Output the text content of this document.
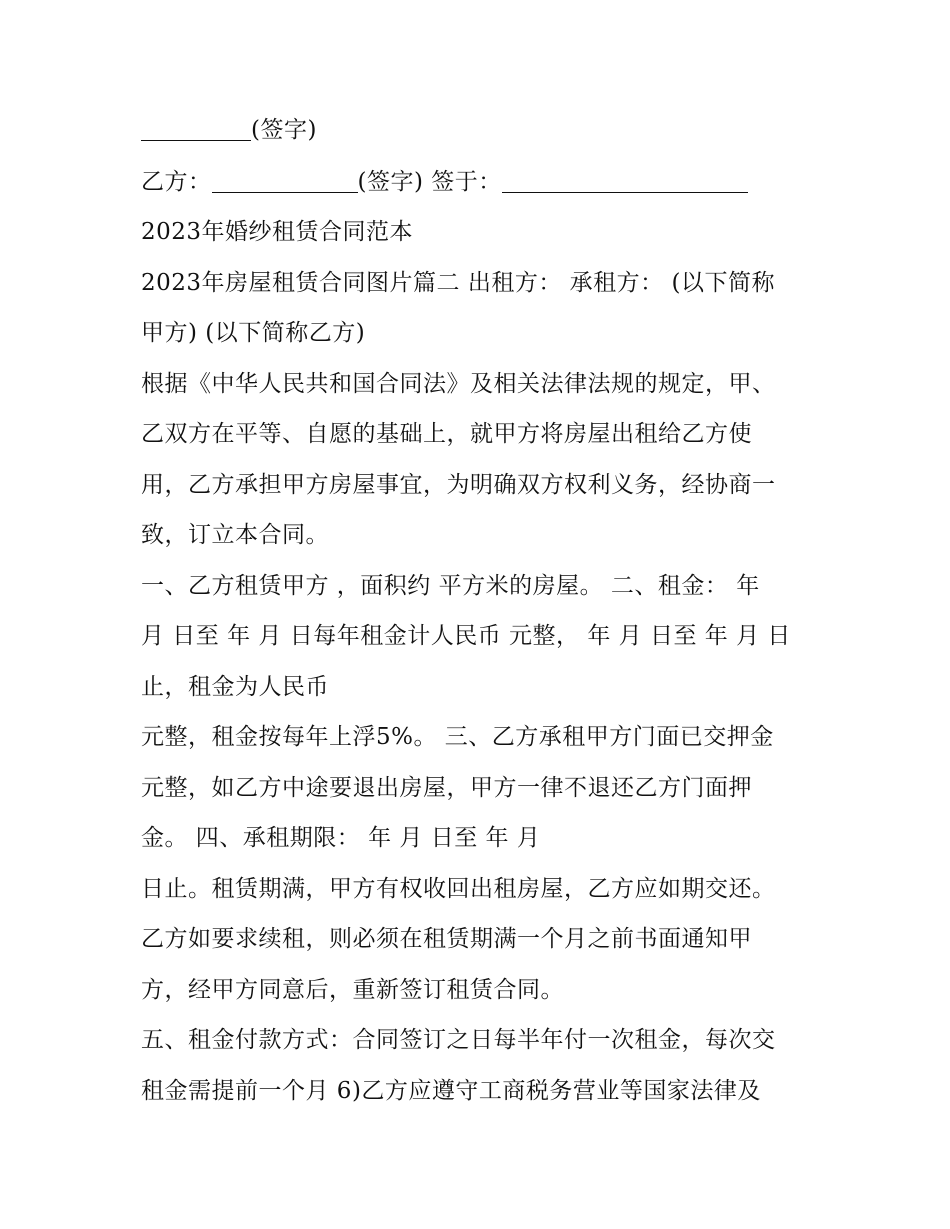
(签字)
乙方：	(签字) 签于：
2023年婚纱租赁合同范本
2023年房屋租赁合同图片篇二 出租方： 承租方： (以下简称
甲方) (以下简称乙方)
根据《中华人民共和国合同法》及相关法律法规的规定，甲、
乙双方在平等、自愿的基础上，就甲方将房屋出租给乙方使
用，乙方承担甲方房屋事宜，为明确双方权利义务，经协商一
致，订立本合同。
一、乙方租赁甲方 ，面积约 平方米的房屋。 二、租金： 年
月 日至 年 月 日每年租金计人民币 元整， 年 月 日至 年 月 日
止，租金为人民币
元整，租金按每年上浮5%。 三、乙方承租甲方门面已交押金
元整，如乙方中途要退出房屋，甲方一律不退还乙方门面押
金。 四、承租期限： 年 月 日至 年 月
日止。租赁期满，甲方有权收回出租房屋，乙方应如期交还。
乙方如要求续租，则必须在租赁期满一个月之前书面通知甲
方，经甲方同意后，重新签订租赁合同。
五、租金付款方式：合同签订之日每半年付一次租金，每次交
租金需提前一个月 6)乙方应遵守工商税务营业等国家法律及
